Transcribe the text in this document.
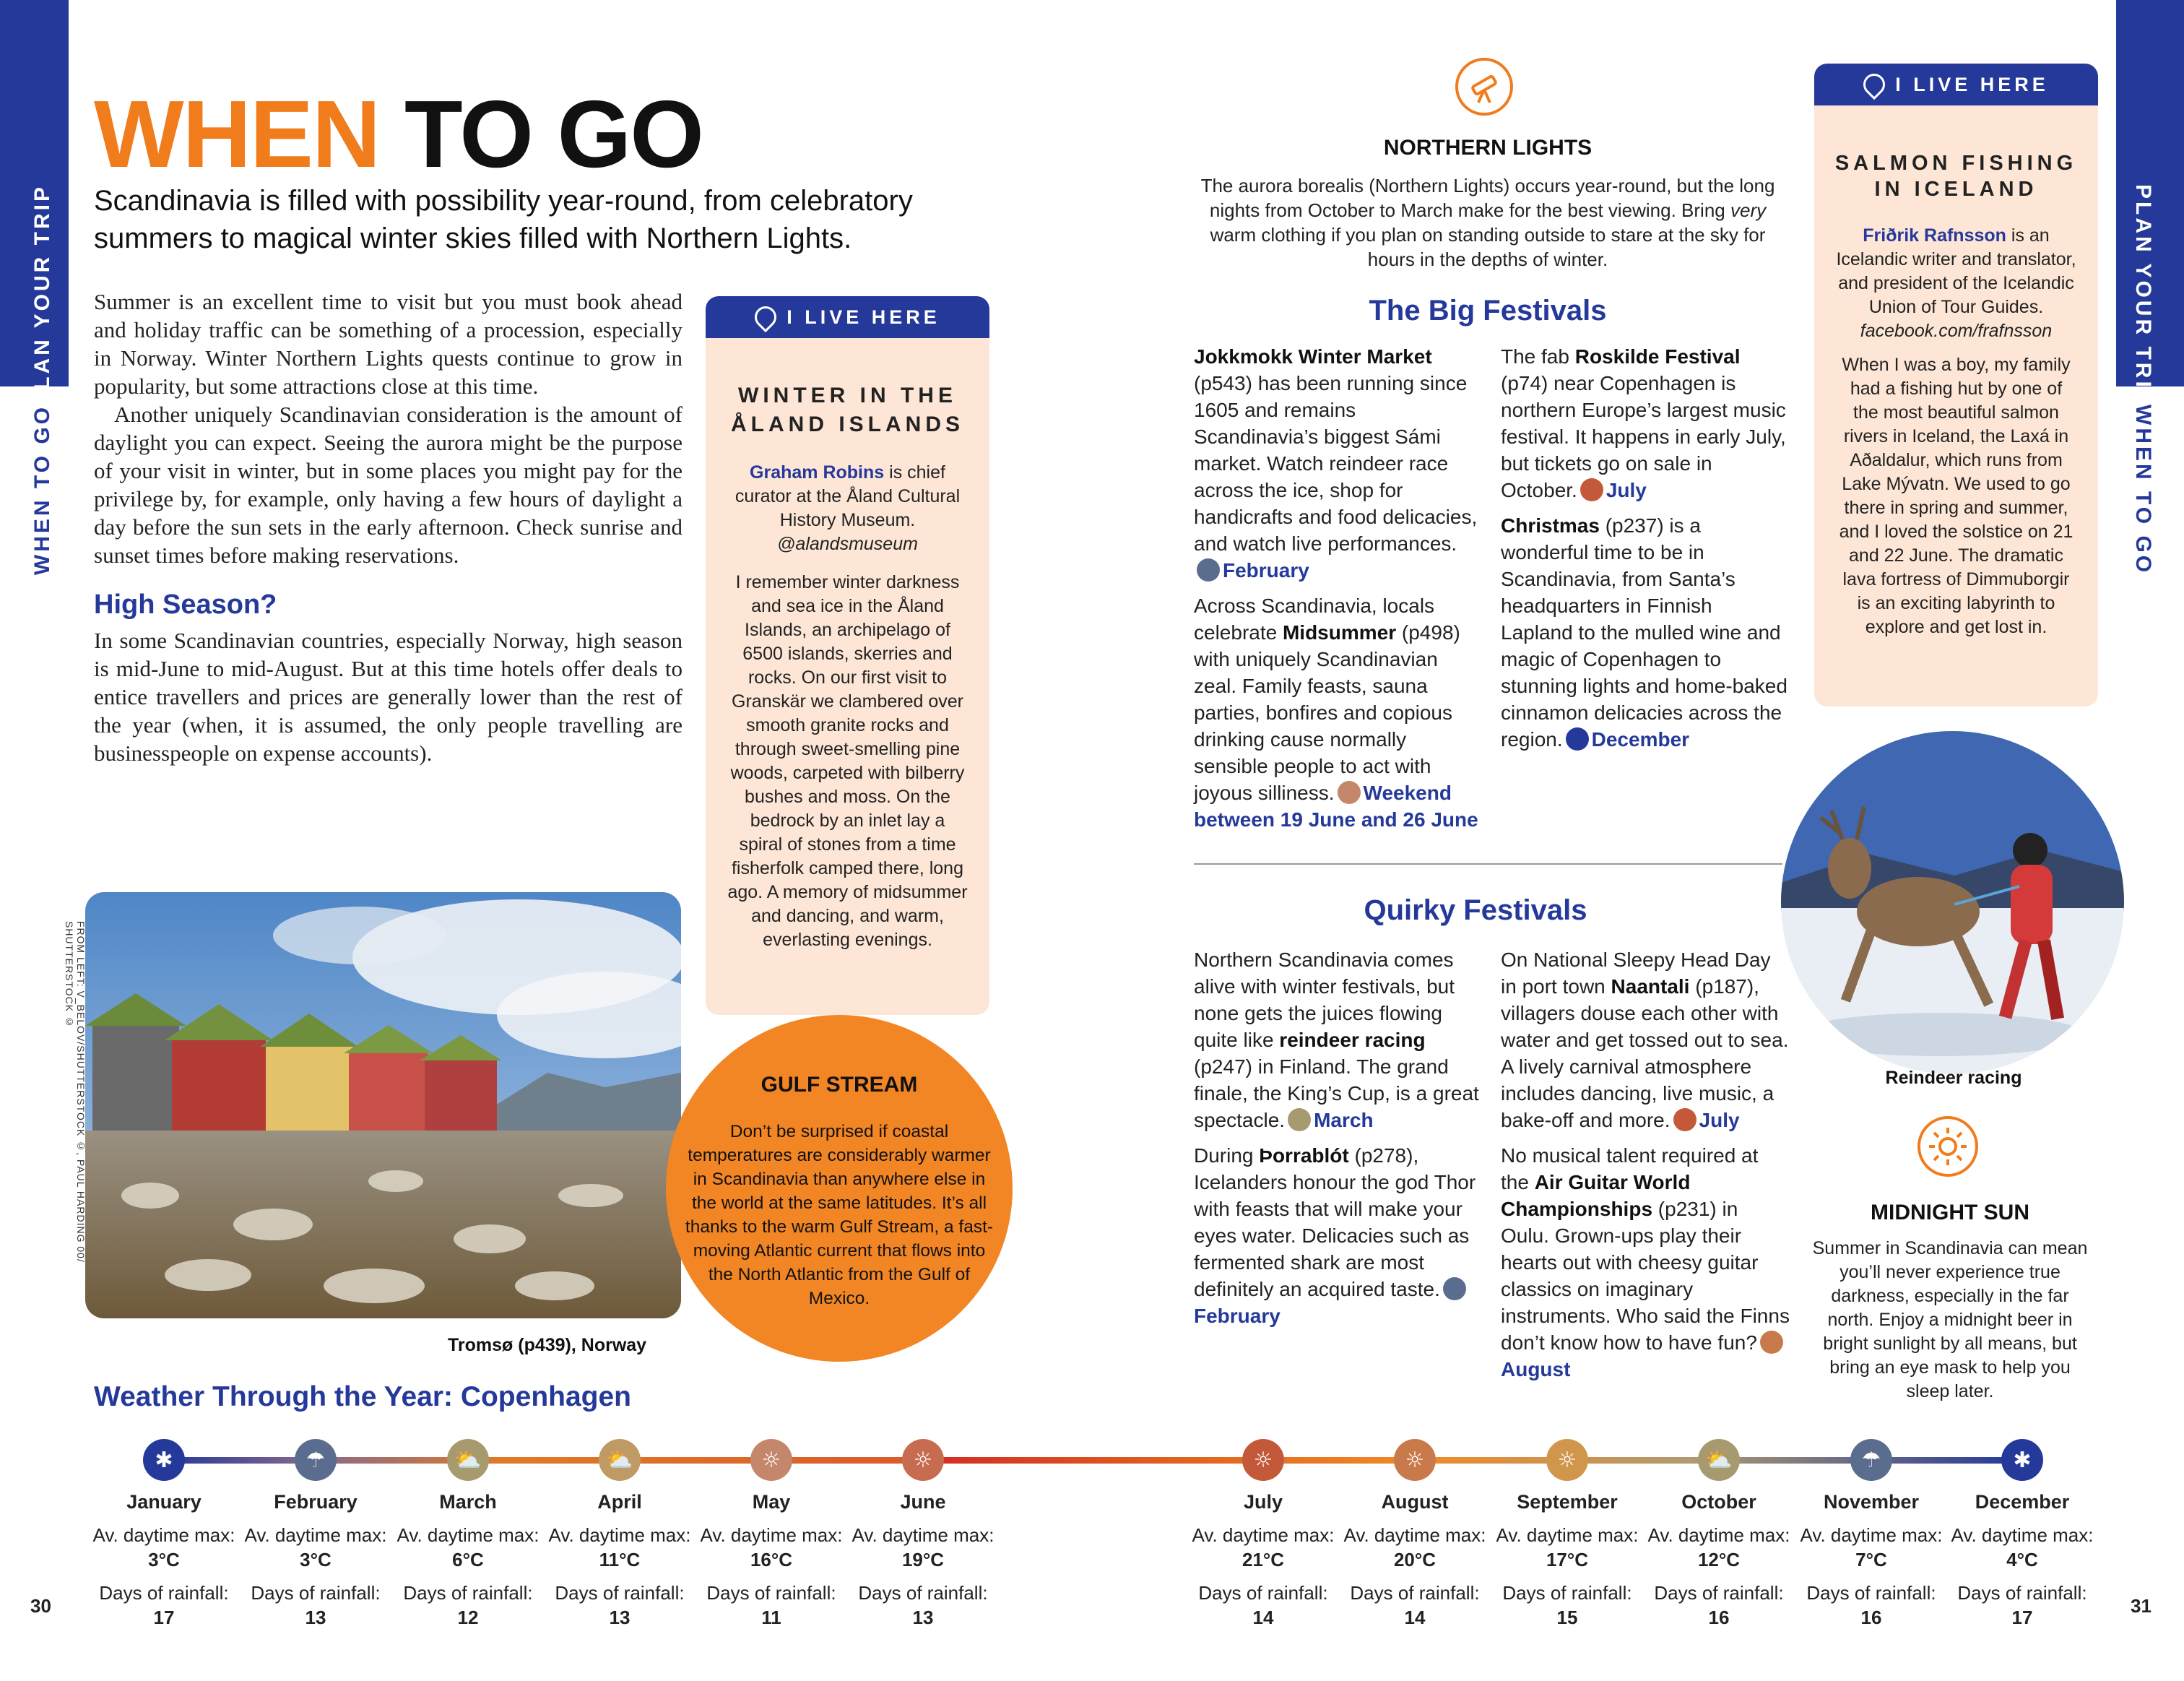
PLAN YOUR TRIP
WHEN TO GO
PLAN YOUR TRIP
WHEN TO GO
WHEN TO GO
Scandinavia is filled with possibility year-round, from celebratory summers to magical winter skies filled with Northern Lights.
Summer is an excellent time to visit but you must book ahead and holiday traffic can be something of a procession, especially in Norway. Winter Northern Lights quests continue to grow in popularity, but some attractions close at this time.
Another uniquely Scandinavian consideration is the amount of daylight you can expect. Seeing the aurora might be the purpose of your visit in winter, but in some places you might pay for the privilege by, for example, only having a few hours of daylight a day before the sun sets in the early afternoon. Check sunrise and sunset times before making reservations.
High Season?
In some Scandinavian countries, especially Norway, high season is mid-June to mid-August. But at this time hotels offer deals to entice travellers and prices are generally lower than the rest of the year (when, it is assumed, the only people travelling are businesspeople on expense accounts).
Tromsø (p439), Norway
FROM LEFT: V_BELOV/SHUTTERSTOCK ©, PAUL HARDING 00/ SHUTTERSTOCK ©
I LIVE HERE
WINTER IN THE
ÅLAND ISLANDS
Graham Robins is chief curator at the Åland Cultural History Museum.
@alandsmuseum
I remember winter darkness and sea ice in the Åland Islands, an archipelago of 6500 islands, skerries and rocks. On our first visit to Granskär we clambered over smooth granite rocks and through sweet-smelling pine woods, carpeted with bilberry bushes and moss. On the bedrock by an inlet lay a spiral of stones from a time fisherfolk camped there, long ago. A memory of midsummer and dancing, and warm, everlasting evenings.
GULF STREAM
Don’t be surprised if coastal temperatures are considerably warmer in Scandinavia than anywhere else in the world at the same latitudes. It’s all thanks to the warm Gulf Stream, a fast-moving Atlantic current that flows into the North Atlantic from the Gulf of Mexico.
NORTHERN LIGHTS
The aurora borealis (Northern Lights) occurs year-round, but the long nights from October to March make for the best viewing. Bring very warm clothing if you plan on standing outside to stare at the sky for hours in the depths of winter.
The Big Festivals
Jokkmokk Winter Market (p543) has been running since 1605 and remains Scandinavia’s biggest Sámi market. Watch reindeer race across the ice, shop for handicrafts and food delicacies, and watch live performances.February
Across Scandinavia, locals celebrate Midsummer (p498) with uniquely Scandinavian zeal. Family feasts, sauna parties, bonfires and copious drinking cause normally sensible people to act with joyous silliness. Weekend between 19 June and 26 June
The fab Roskilde Festival (p74) near Copenhagen is northern Europe’s largest music festival. It happens in early July, but tickets go on sale in October. July
Christmas (p237) is a wonderful time to be in Scandinavia, from Santa’s headquarters in Finnish Lapland to the mulled wine and magic of Copenhagen to stunning lights and home-baked cinnamon delicacies across the region. December
Quirky Festivals
Northern Scandinavia comes alive with winter festivals, but none gets the juices flowing quite like reindeer racing (p247) in Finland. The grand finale, the King’s Cup, is a great spectacle. March
During Þorrablót (p278), Icelanders honour the god Thor with feasts that will make your eyes water. Delicacies such as fermented shark are most definitely an acquired taste.February
On National Sleepy Head Day in port town Naantali (p187), villagers douse each other with water and get tossed out to sea. A lively carnival atmosphere includes dancing, live music, a bake-off and more. July
No musical talent required at the Air Guitar World Championships (p231) in Oulu. Grown-ups play their hearts out with cheesy guitar classics on imaginary instruments. Who said the Finns don’t know how to have fun?August
I LIVE HERE
SALMON FISHING
IN ICELAND
Friðrik Rafnsson is an Icelandic writer and translator, and president of the Icelandic Union of Tour Guides.
facebook.com/frafnsson
When I was a boy, my family had a fishing hut by one of the most beautiful salmon rivers in Iceland, the Laxá in Aðaldalur, which runs from Lake Mývatn. We used to go there in spring and summer, and I loved the solstice on 21 and 22 June. The dramatic lava fortress of Dimmuborgir is an exciting labyrinth to explore and get lost in.
Reindeer racing
MIDNIGHT SUN
Summer in Scandinavia can mean you’ll never experience true darkness, especially in the far north. Enjoy a midnight beer in bright sunlight by all means, but bring an eye mask to help you sleep later.
Weather Through the Year: Copenhagen
✱
January
Av. daytime max: 3°C
Days of rainfall:
17
☂
February
Av. daytime max: 3°C
Days of rainfall:
13
⛅
March
Av. daytime max: 6°C
Days of rainfall:
12
⛅
April
Av. daytime max: 11°C
Days of rainfall:
13
☼
May
Av. daytime max: 16°C
Days of rainfall:
11
☼
June
Av. daytime max: 19°C
Days of rainfall:
13
☼
July
Av. daytime max: 21°C
Days of rainfall:
14
☼
August
Av. daytime max: 20°C
Days of rainfall:
14
☼
September
Av. daytime max: 17°C
Days of rainfall:
15
⛅
October
Av. daytime max: 12°C
Days of rainfall:
16
☂
November
Av. daytime max: 7°C
Days of rainfall:
16
✱
December
Av. daytime max: 4°C
Days of rainfall:
17
30	31
